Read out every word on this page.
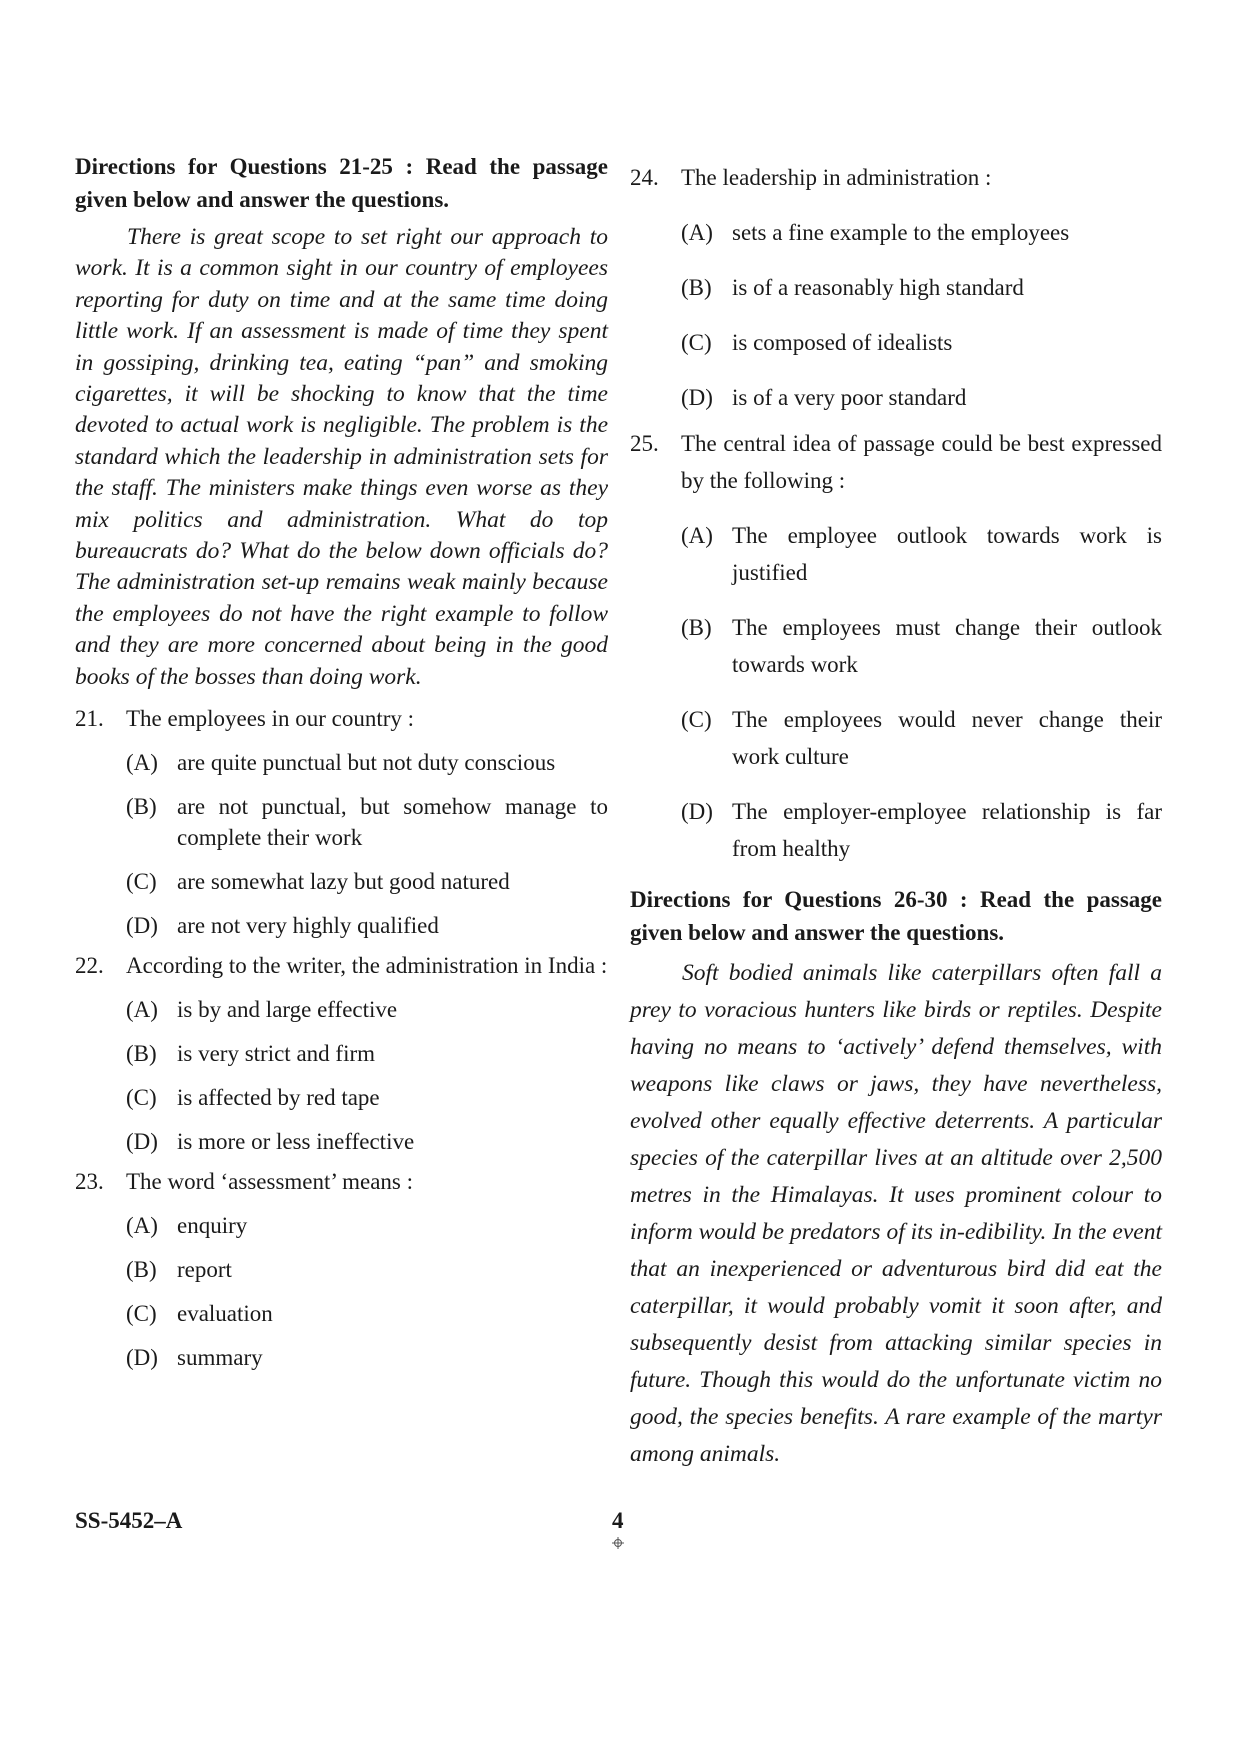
Directions for Questions 21-25 : Read the passage given below and answer the questions.

There is great scope to set right our approach to work. It is a common sight in our country of employees reporting for duty on time and at the same time doing little work. If an assessment is made of time they spent in gossiping, drinking tea, eating “pan” and smoking cigarettes, it will be shocking to know that the time devoted to actual work is negligible. The problem is the standard which the leadership in administration sets for the staff. The ministers make things even worse as they mix politics and administration. What do top bureaucrats do? What do the below down officials do? The administration set-up remains weak mainly because the employees do not have the right example to follow and they are more concerned about being in the good books of the bosses than doing work.

21. The employees in our country :
(A) are quite punctual but not duty conscious
(B) are not punctual, but somehow manage to complete their work
(C) are somewhat lazy but good natured
(D) are not very highly qualified
22. According to the writer, the administration in India :
(A) is by and large effective
(B) is very strict and firm
(C) is affected by red tape
(D) is more or less ineffective
23. The word ‘assessment’ means :
(A) enquiry
(B) report
(C) evaluation
(D) summary
24. The leadership in administration :
(A) sets a fine example to the employees
(B) is of a reasonably high standard
(C) is composed of idealists
(D) is of a very poor standard
25. The central idea of passage could be best expressed by the following :
(A) The employee outlook towards work is justified
(B) The employees must change their outlook towards work
(C) The employees would never change their work culture
(D) The employer-employee relationship is far from healthy

Directions for Questions 26-30 : Read the passage given below and answer the questions.

Soft bodied animals like caterpillars often fall a prey to voracious hunters like birds or reptiles. Despite having no means to ‘actively’ defend themselves, with weapons like claws or jaws, they have nevertheless, evolved other equally effective deterrents. A particular species of the caterpillar lives at an altitude over 2,500 metres in the Himalayas. It uses prominent colour to inform would be predators of its in-edibility. In the event that an inexperienced or adventurous bird did eat the caterpillar, it would probably vomit it soon after, and subsequently desist from attacking similar species in future. Though this would do the unfortunate victim no good, the species benefits. A rare example of the martyr among animals.

SS-5452–A	4
